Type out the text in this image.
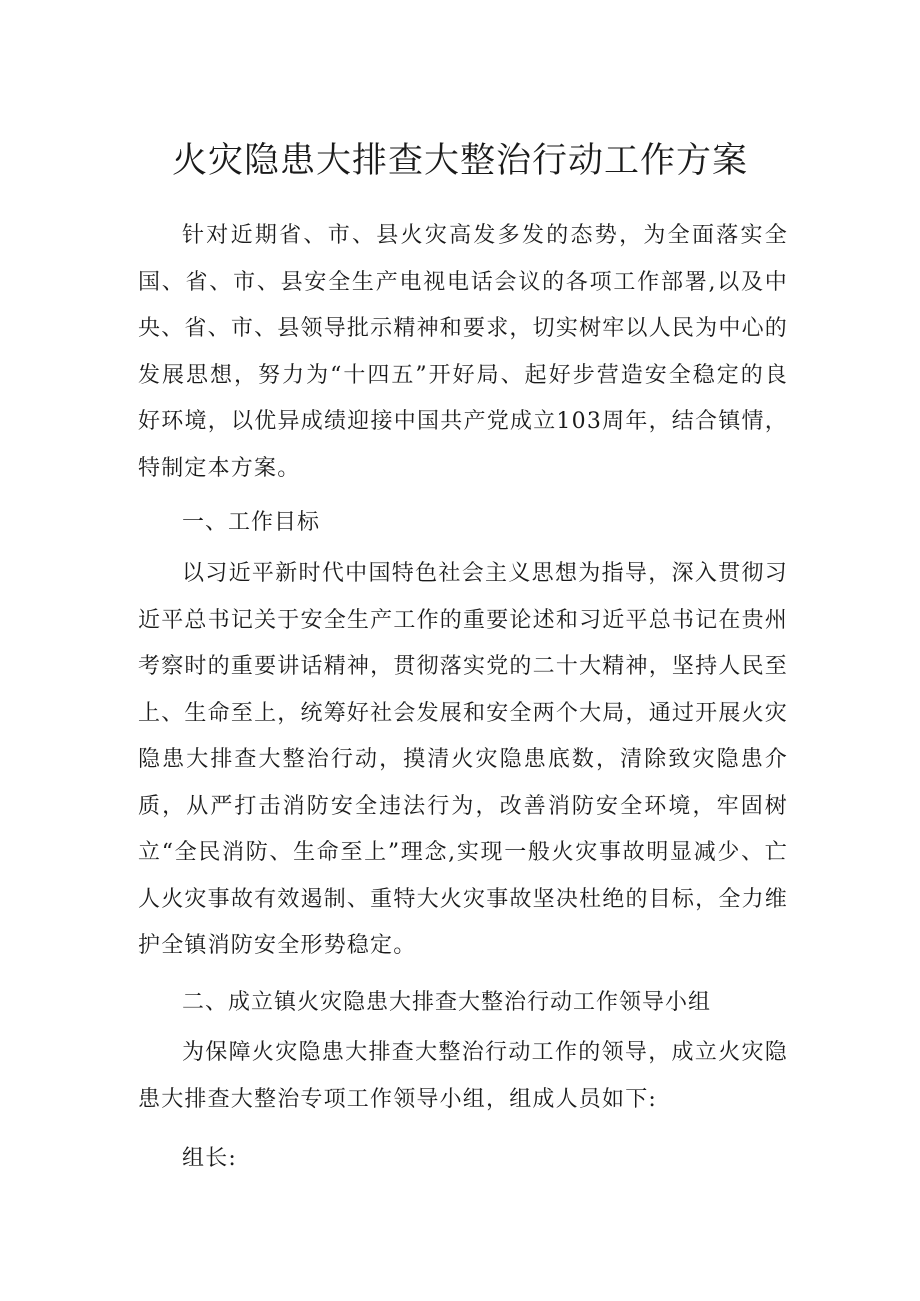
火灾隐患大排查大整治行动工作方案

针对近期省、市、县火灾高发多发的态势，为全面落实全国、省、市、县安全生产电视电话会议的各项工作部署,以及中央、省、市、县领导批示精神和要求，切实树牢以人民为中心的发展思想，努力为“十四五”开好局、起好步营造安全稳定的良好环境，以优异成绩迎接中国共产党成立103周年，结合镇情，特制定本方案。

一、工作目标

以习近平新时代中国特色社会主义思想为指导，深入贯彻习近平总书记关于安全生产工作的重要论述和习近平总书记在贵州考察时的重要讲话精神，贯彻落实党的二十大精神，坚持人民至上、生命至上，统筹好社会发展和安全两个大局，通过开展火灾隐患大排查大整治行动，摸清火灾隐患底数，清除致灾隐患介质，从严打击消防安全违法行为，改善消防安全环境，牢固树立“全民消防、生命至上”理念,实现一般火灾事故明显减少、亡人火灾事故有效遏制、重特大火灾事故坚决杜绝的目标，全力维护全镇消防安全形势稳定。

二、成立镇火灾隐患大排查大整治行动工作领导小组

为保障火灾隐患大排查大整治行动工作的领导，成立火灾隐患大排查大整治专项工作领导小组，组成人员如下:

组长:
